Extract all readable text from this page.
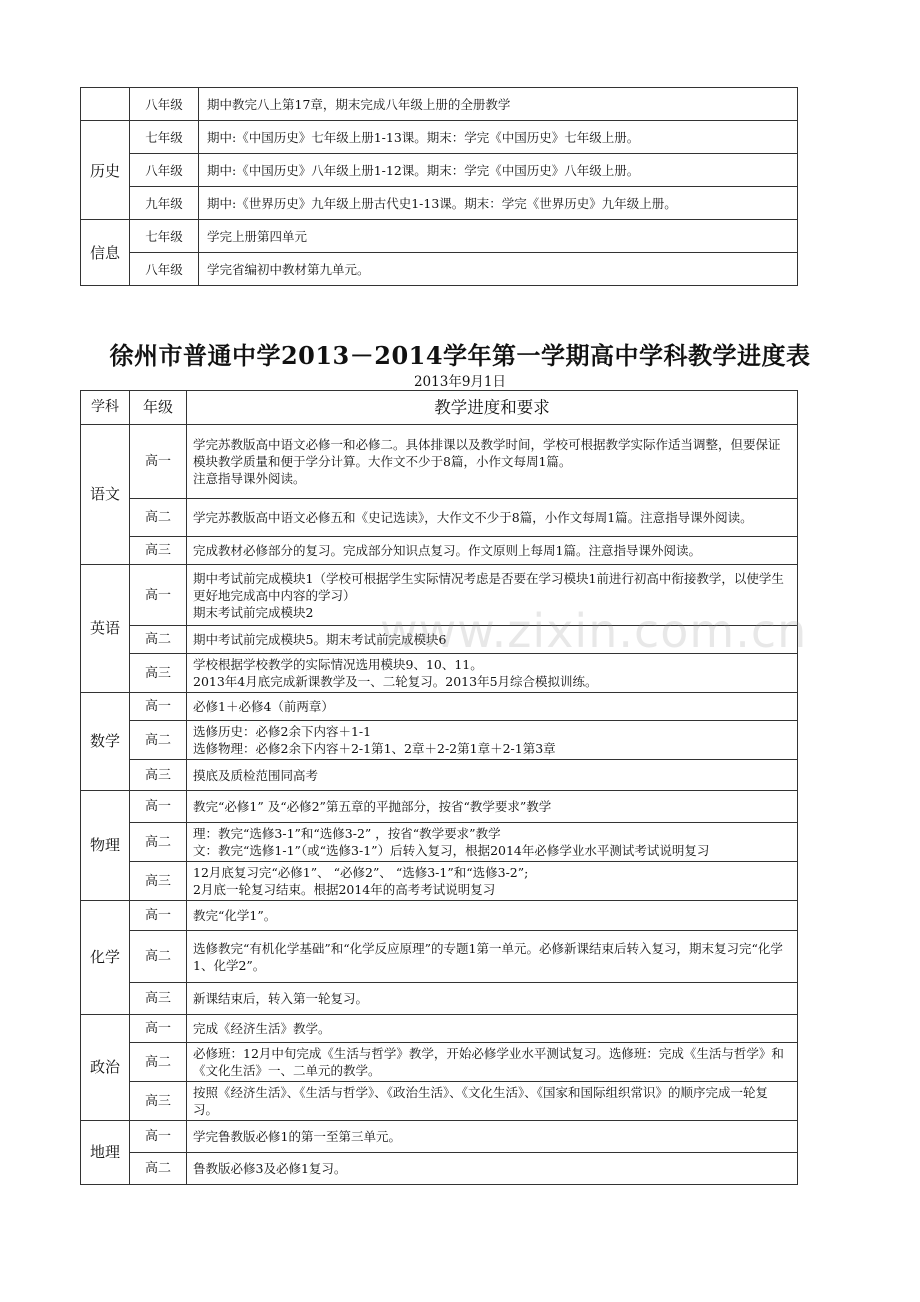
	八年级	期中教完八上第17章，期末完成八年级上册的全册教学
历史	七年级	期中:《中国历史》七年级上册1-13课。期末：学完《中国历史》七年级上册。
	八年级	期中:《中国历史》八年级上册1-12课。期末：学完《中国历史》八年级上册。
	九年级	期中:《世界历史》九年级上册古代史1-13课。期末：学完《世界历史》九年级上册。
信息	七年级	学完上册第四单元
	八年级	学完省编初中教材第九单元。
徐州市普通中学2013－2014学年第一学期高中学科教学进度表
2013年9月1日
学科	年级	教学进度和要求
语文	高一	学完苏教版高中语文必修一和必修二。具体排课以及教学时间，学校可根据教学实际作适当调整，但要保证模块教学质量和便于学分计算。大作文不少于8篇，小作文每周1篇。
注意指导课外阅读。

	高二	学完苏教版高中语文必修五和《史记选读》，大作文不少于8篇，小作文每周1篇。注意指导课外阅读。

	高三	完成教材必修部分的复习。完成部分知识点复习。作文原则上每周1篇。注意指导课外阅读。

英语	高一	期中考试前完成模块1（学校可根据学生实际情况考虑是否要在学习模块1前进行初高中衔接教学，以使学生更好地完成高中内容的学习）
期末考试前完成模块2

	高二	期中考试前完成模块5。期末考试前完成模块6

	高三	学校根据学校教学的实际情况选用模块9、10、11。
2013年4月底完成新课教学及一、二轮复习。2013年5月综合模拟训练。

数学	高一	必修1＋必修4（前两章）

	高二	选修历史：必修2余下内容＋1-1
选修物理：必修2余下内容＋2-1第1、2章＋2-2第1章＋2-1第3章

	高三	摸底及质检范围同高考

物理	高一	教完“必修1” 及“必修2”第五章的平抛部分，按省“教学要求”教学

	高二	理：教完“选修3-1”和“选修3-2” ，按省“教学要求”教学
文：教完“选修1-1”（或“选修3-1”）后转入复习，根据2014年必修学业水平测试考试说明复习

	高三	12月底复习完“必修1”、 “必修2”、 “选修3-1”和“选修3-2”;
2月底一轮复习结束。根据2014年的高考考试说明复习

化学	高一	教完“化学1”。

	高二	选修教完“有机化学基础”和“化学反应原理”的专题1第一单元。必修新课结束后转入复习，期末复习完“化学1、化学2”。

	高三	新课结束后，转入第一轮复习。

政治	高一	完成《经济生活》教学。

	高二	必修班：12月中旬完成《生活与哲学》教学，开始必修学业水平测试复习。选修班：完成《生活与哲学》和《文化生活》一、二单元的教学。

	高三	按照《经济生活》、《生活与哲学》、《政治生活》、《文化生活》、《国家和国际组织常识》的顺序完成一轮复习。

地理	高一	学完鲁教版必修1的第一至第三单元。

	高二	鲁教版必修3及必修1复习。
www.zixin.com.cn
